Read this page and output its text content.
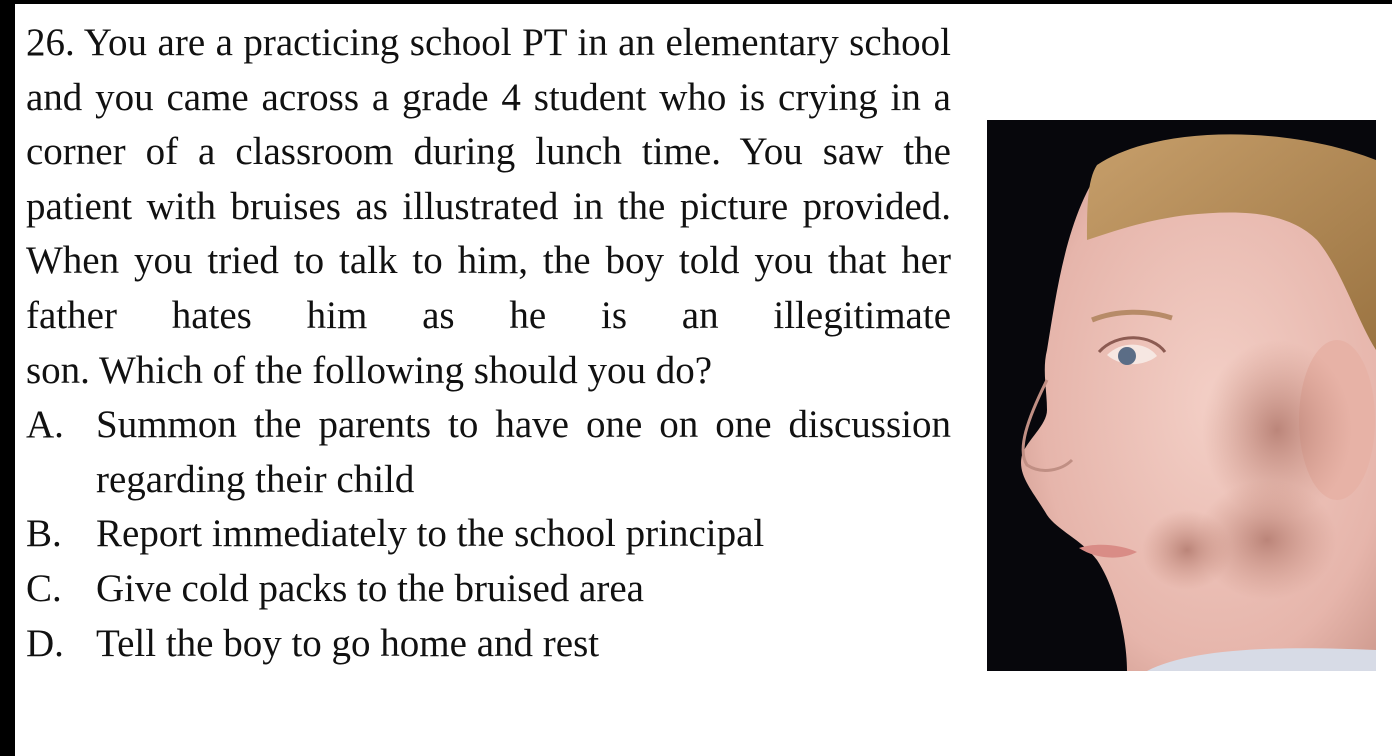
26. You are a practicing school PT in an elementary school and you came across a grade 4 student who is crying in a corner of a classroom during lunch time. You saw the patient with bruises as illustrated in the picture provided. When you tried to talk to him, the boy told you that her father hates him as he is an illegitimate
son. Which of the following should you do?
A. Summon the parents to have one on one discussion regarding their child
B. Report immediately to the school principal
C. Give cold packs to the bruised area
D. Tell the boy to go home and rest
